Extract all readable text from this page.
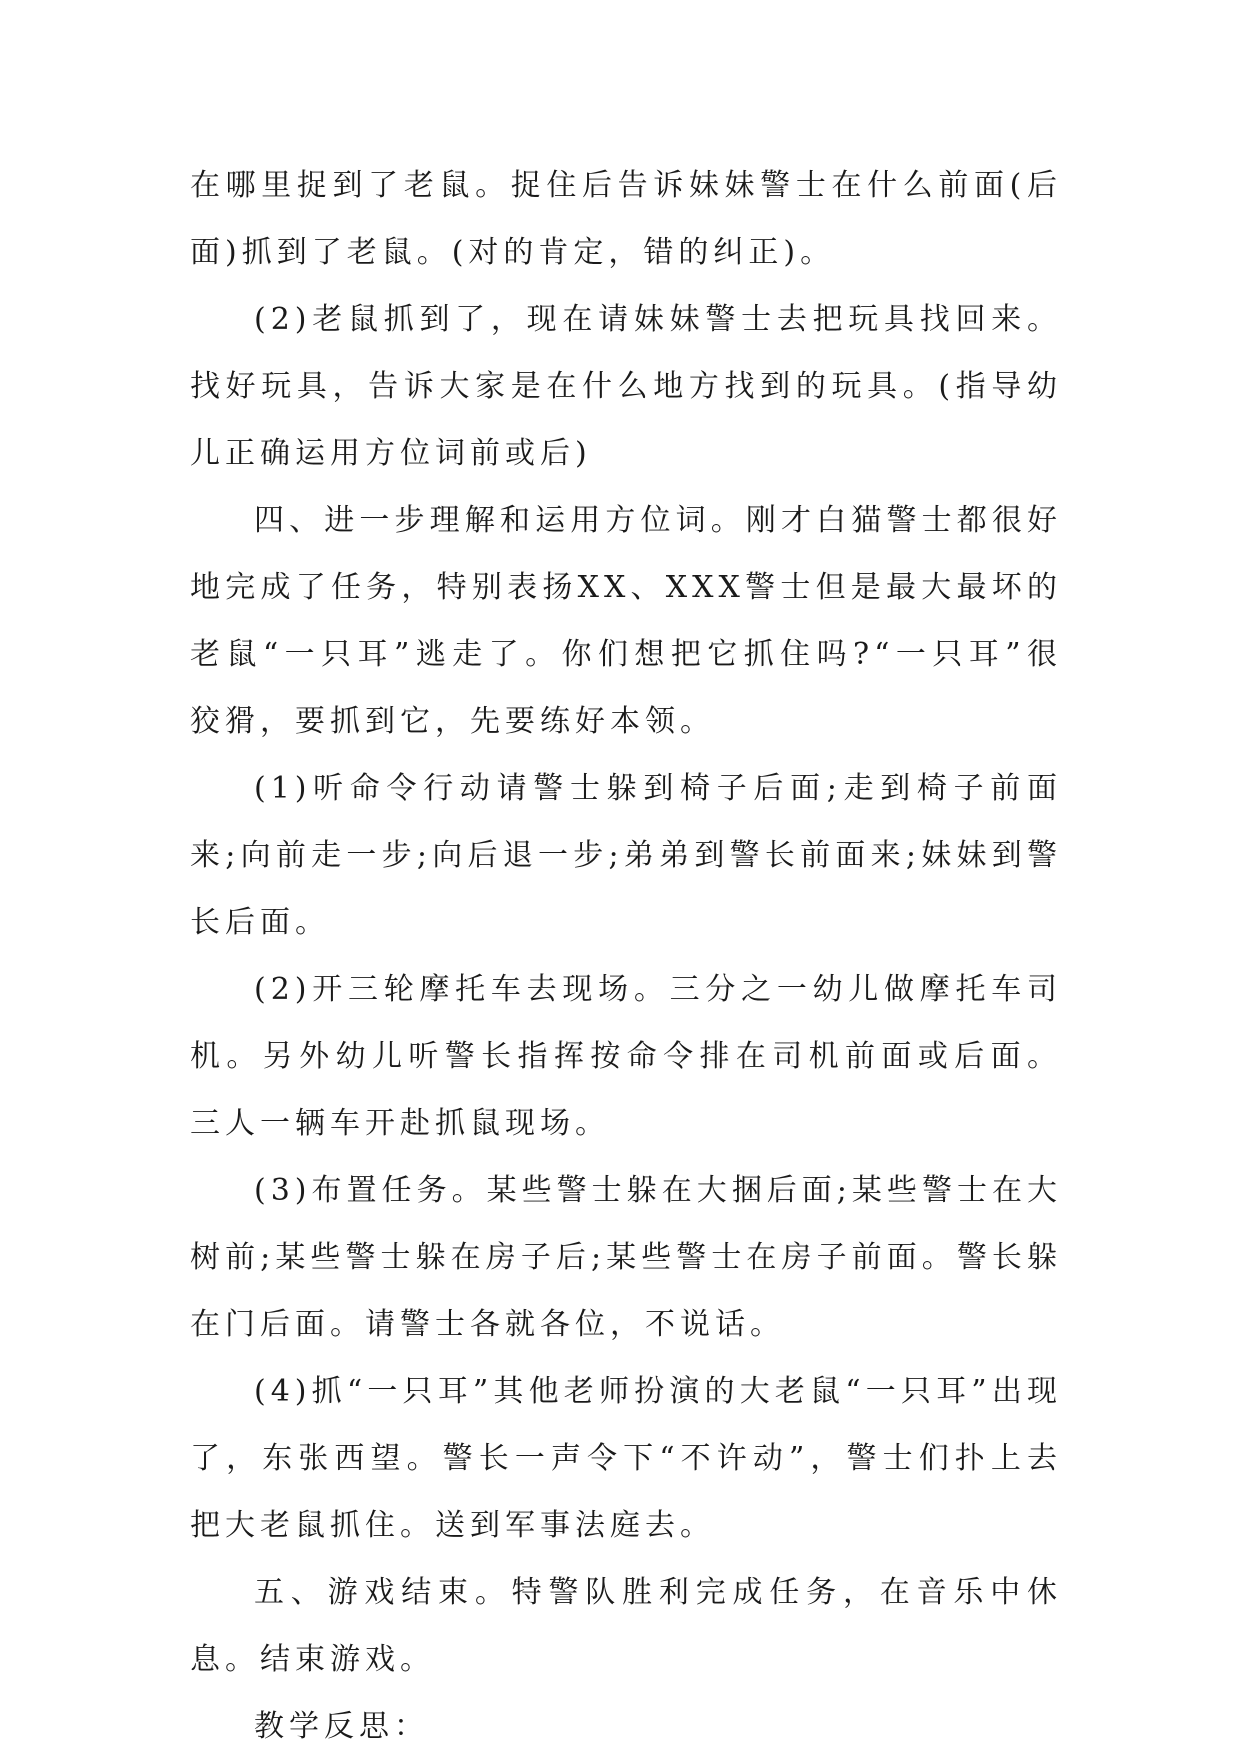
在哪里捉到了老鼠。捉住后告诉妹妹警士在什么前面(后面)抓到了老鼠。(对的肯定，错的纠正)。

(2)老鼠抓到了，现在请妹妹警士去把玩具找回来。找好玩具，告诉大家是在什么地方找到的玩具。(指导幼儿正确运用方位词前或后)

四、进一步理解和运用方位词。刚才白猫警士都很好地完成了任务，特别表扬XX、XXX警士但是最大最坏的老鼠“一只耳”逃走了。你们想把它抓住吗?“一只耳”很狡猾，要抓到它，先要练好本领。

(1)听命令行动请警士躲到椅子后面;走到椅子前面来;向前走一步;向后退一步;弟弟到警长前面来;妹妹到警长后面。

(2)开三轮摩托车去现场。三分之一幼儿做摩托车司机。另外幼儿听警长指挥按命令排在司机前面或后面。三人一辆车开赴抓鼠现场。

(3)布置任务。某些警士躲在大捆后面;某些警士在大树前;某些警士躲在房子后;某些警士在房子前面。警长躲在门后面。请警士各就各位，不说话。

(4)抓“一只耳”其他老师扮演的大老鼠“一只耳”出现了，东张西望。警长一声令下“不许动”，警士们扑上去把大老鼠抓住。送到军事法庭去。

五、游戏结束。特警队胜利完成任务，在音乐中休息。结束游戏。

教学反思：
